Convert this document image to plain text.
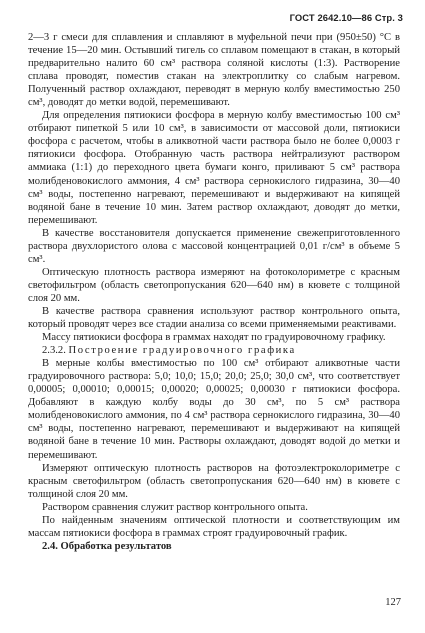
ГОСТ 2642.10—86 Стр. 3

2—3 г смеси для сплавления и сплавляют в муфельной печи при (950±50) °С в течение 15—20 мин. Остывший тигель со сплавом помещают в стакан, в который предварительно налито 60 см³ раствора соляной кислоты (1:3). Растворение сплава проводят, поместив стакан на электроплитку со слабым нагревом. Полученный раствор охлаждают, переводят в мерную колбу вместимостью 250 см³, доводят до метки водой, перемешивают.

Для определения пятиокиси фосфора в мерную колбу вместимостью 100 см³ отбирают пипеткой 5 или 10 см³, в зависимости от массовой доли, пятиокиси фосфора с расчетом, чтобы в аликвотной части раствора было не более 0,0003 г пятиокиси фосфора. Отобранную часть раствора нейтрализуют раствором аммиака (1:1) до переходного цвета бумаги конго, приливают 5 см³ раствора молибденовокислого аммония, 4 см³ раствора сернокислого гидразина, 30—40 см³ воды, постепенно нагревают, перемешивают и выдерживают на кипящей водяной бане в течение 10 мин. Затем раствор охлаждают, доводят до метки, перемешивают.

В качестве восстановителя допускается применение свежеприготовленного раствора двухлористого олова с массовой концентрацией 0,01 г/см³ в объеме 5 см³.

Оптическую плотность раствора измеряют на фотоколориметре с красным светофильтром (область светопропускания 620—640 нм) в кювете с толщиной слоя 20 мм.

В качестве раствора сравнения используют раствор контрольного опыта, который проводят через все стадии анализа со всеми применяемыми реактивами.

Массу пятиокиси фосфора в граммах находят по градуировочному графику.

2.3.2. Построение градуировочного графика

В мерные колбы вместимостью по 100 см³ отбирают аликвотные части градуировочного раствора: 5,0; 10,0; 15,0; 20,0; 25,0; 30,0 см³, что соответствует 0,00005; 0,00010; 0,00015; 0,00020; 0,00025; 0,00030 г пятиокиси фосфора. Добавляют в каждую колбу воды до 30 см³, по 5 см³ раствора молибденовокислого аммония, по 4 см³ раствора сернокислого гидразина, 30—40 см³ воды, постепенно нагревают, перемешивают и выдерживают на кипящей водяной бане в течение 10 мин. Растворы охлаждают, доводят водой до метки и перемешивают.

Измеряют оптическую плотность растворов на фотоэлектроколориметре с красным светофильтром (область светопропускания 620—640 нм) в кювете с толщиной слоя 20 мм.

Раствором сравнения служит раствор контрольного опыта.

По найденным значениям оптической плотности и соответствующим им массам пятиокиси фосфора в граммах строят градуировочный график.

2.4. Обработка результатов

127
